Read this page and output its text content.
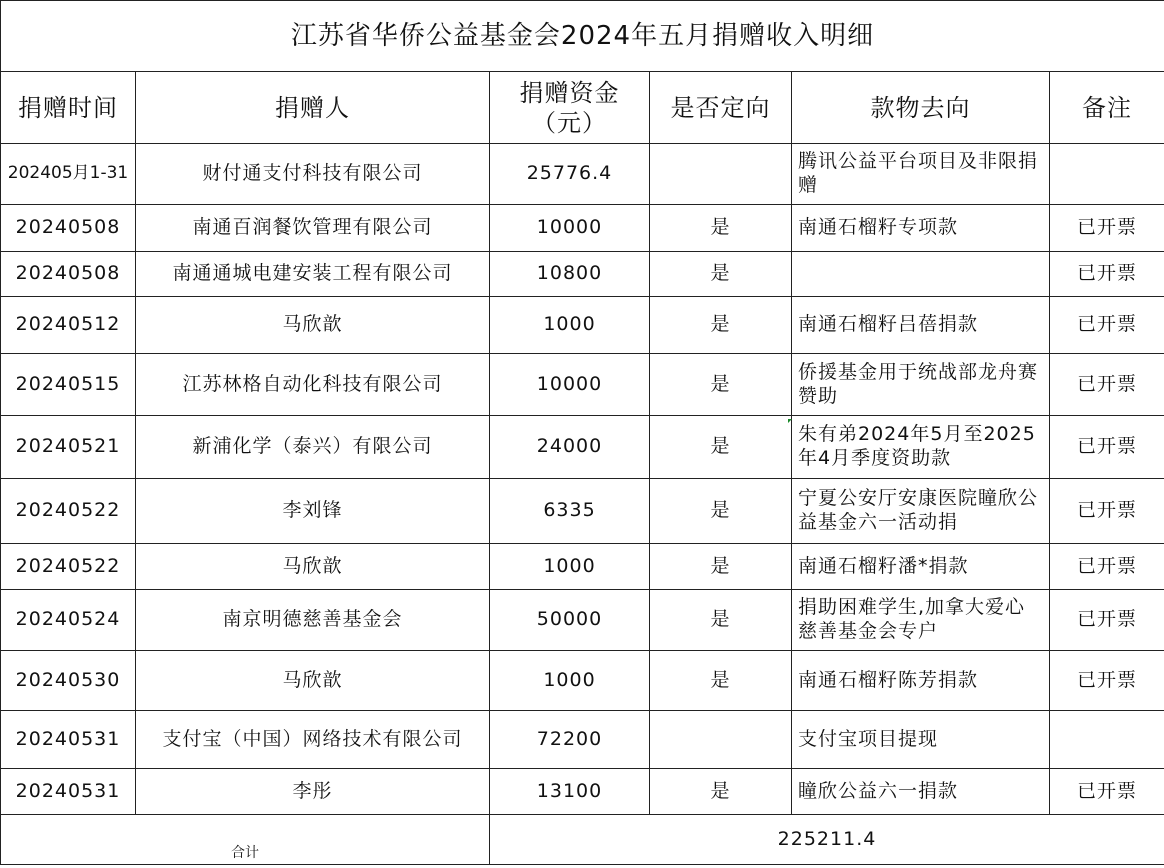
江苏省华侨公益基金会2024年五月捐赠收入明细					
捐赠时间	捐赠人	捐赠资金（元）	是否定向	款物去向	备注
202405月1-31	财付通支付科技有限公司	25776.4		腾讯公益平台项目及非限捐赠	
20240508	南通百润餐饮管理有限公司	10000	是	南通石榴籽专项款	已开票
20240508	南通通城电建安装工程有限公司	10800	是		已开票
20240512	马欣歆	1000	是	南通石榴籽吕蓓捐款	已开票
20240515	江苏林格自动化科技有限公司	10000	是	侨援基金用于统战部龙舟赛赞助	已开票
20240521	新浦化学（泰兴）有限公司	24000	是	朱有弟2024年5月至2025年4月季度资助款	已开票
20240522	李刘锋	6335	是	宁夏公安厅安康医院瞳欣公益基金六一活动捐	已开票
20240522	马欣歆	1000	是	南通石榴籽潘*捐款	已开票
20240524	南京明德慈善基金会	50000	是	捐助困难学生,加拿大爱心慈善基金会专户	已开票
20240530	马欣歆	1000	是	南通石榴籽陈芳捐款	已开票
20240531	支付宝（中国）网络技术有限公司	72200		支付宝项目提现	
20240531	李彤	13100	是	瞳欣公益六一捐款	已开票
合计		225211.4			
